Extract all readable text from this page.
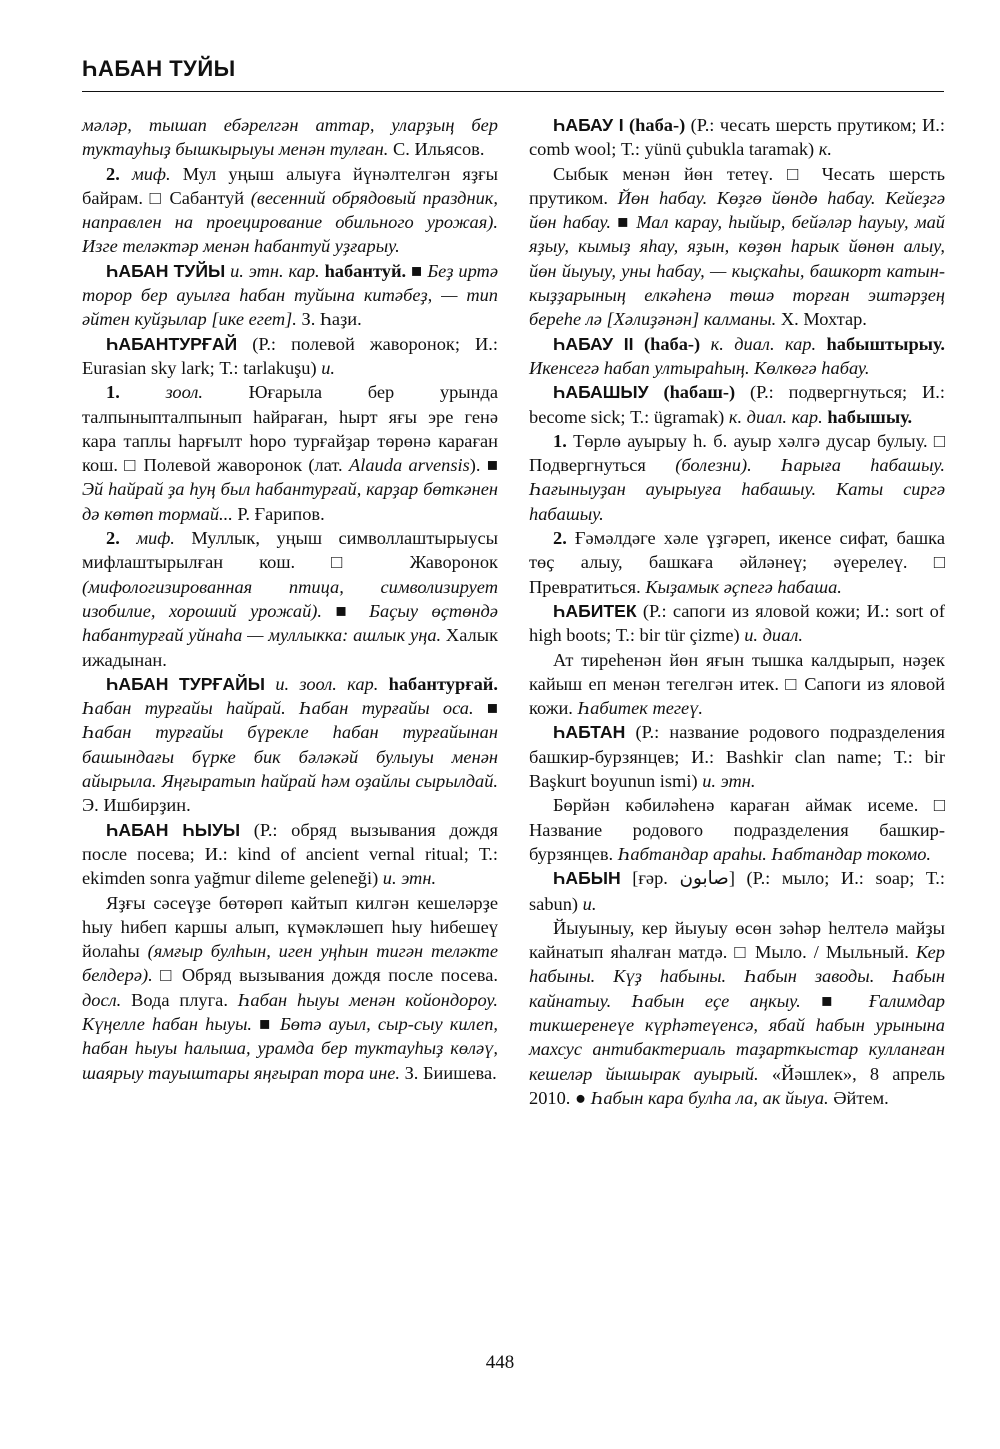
ҺАБАН ТУЙЫ

мәләр, тышап ебәрелгән аттар, уларҙың бер туктауһыҙ бышкырыуы менән тулған. С. Ильясов.

2. миф. Мул уңыш алыуға йүнәлтелгән яҙғы байрам. □ Сабантуй (весенний обрядовый праздник, направлен на проецирование обильного урожая). Изге теләктәр менән һабантуй уҙғарыу.

ҺАБАН ТУЙЫ и. этн. кар. һабантуй. ■ Беҙ иртә торор бер ауылға һабан туйына китәбеҙ, — тип әйтен куйҙылар [ике егет]. З. Һаҙи.

ҺАБАНТУРҒАЙ (Р.: полевой жаворонок; И.: Eurasian sky lark; Т.: tarlakuşu) и.

1. зоол. Юғарыла бер урында талпыныпталпынып һайраған, һырт яғы эре генә кара таплы һарғылт һоро турғайҙар төрөнә караған кош. □ Полевой жаворонок (лат. Alauda arvensis). ■ Эй һайрай ҙа һуң был һабантурғай, карҙар бөткәнен дә көтөп тормай... Р. Ғарипов.

2. миф. Муллык, уңыш символлаштырыусы мифлаштырылған кош. □ Жаворонок (мифологизированная птица, символизирует изобилие, хороший урожай). ■ Баҫыу өҫтөндә һабантурғай уйнаһа — муллыкка: ашлык уңа. Халык ижадынан.

ҺАБАН ТУРҒАЙЫ и. зоол. кар. һабантурғай. Һабан турғайы һайрай. Һабан турғайы оса. ■ Һабан турғайы бүрекле һабан турғайынан башындағы бүрке бик бәләкәй булыуы менән айырыла. Яңғыратып һайрай һәм оҙайлы сырылдай. Э. Ишбирҙин.

ҺАБАН ҺЫУЫ (Р.: обряд вызывания дождя после посева; И.: kind of ancient vernal ritual; Т.: ekimden sonra yağmur dileme geleneği) и. этн.

Яҙғы сәсеүҙе бөтөрөп кайтып килгән кешеләрҙе һыу һибеп каршы алып, күмәкләшеп һыу һибешеү йолаһы (ямғыр булһын, иген уңһын тигән теләкте белдерә). □ Обряд вызывания дождя после посева. досл. Вода плуга. Һабан һыуы менән койондороу. Күңелле һабан һыуы. ■ Бөтә ауыл, сыр-сыу килеп, һабан һыуы һалыша, урамда бер туктауһыҙ көләү, шаярыу тауыштары яңғырап тора ине. З. Биишева.

ҺАБАУ I (һаба-) (Р.: чесать шерсть прутиком; И.: comb wool; Т.: yünü çubukla taramak) к.

Сыбык менән йөн тетеү. □ Чесать шерсть прутиком. Йөн һабау. Көҙгө йөндө һабау. Кейеҙгә йөн һабау. ■ Мал карау, һыйыр, бейәләр һауыу, май яҙыу, кымыҙ яһау, яҙын, көҙөн һарык йөнөн алыу, йөн йыуыу, уны һабау, — кыҫкаһы, башкорт катын-кыҙҙарының елкәһенә төшә торған эштәрҙең береһе лә [Хәлиҙәнән] калманы. Х. Мохтар.

ҺАБАУ II (һаба-) к. диал. кар. һабыштырыу. Икенсегә һабап ултыраһың. Көлкөгә һабау.

ҺАБАШЫУ (һабаш-) (Р.: подвергнуться; И.: become sick; Т.: ügramak) к. диал. кар. һабышыу.

1. Төрлө ауырыу һ. б. ауыр хәлгә дусар булыу. □ Подвергнуться (болезни). Һарыға һабашыу. Һағыныуҙан ауырыуға һабашыу. Каты сиргә һабашыу.

2. Ғәмәлдәге хәле үҙгәреп, икенсе сифат, башка төҫ алыу, башкаға әйләнеү; әүерелеү. □ Превратиться. Кыҙамык әҫпегә һабаша.

ҺАБИТЕК (Р.: сапоги из яловой кожи; И.: sort of high boots; Т.: bir tür çizme) и. диал.

Ат тиреһенән йөн яғын тышка калдырып, нәҙек кайыш еп менән тегелгән итек. □ Сапоги из яловой кожи. Һабитек тегеү.

ҺАБТАН (Р.: название родового подразделения башкир-бурзянцев; И.: Bashkir clan name; Т.: bir Başkurt boyunun ismi) и. этн.

Бөрйән кәбиләһенә караған аймак исеме. □ Название родового подразделения башкир-бурзянцев. Һабтандар араһы. Һабтандар токомо.

ҺАБЫН [ғәр. صابون] (Р.: мыло; И.: soap; Т.: sabun) и.

Йыуыныу, кер йыуыу өсөн зәһәр һелтелә майҙы кайнатып яһалған матдә. □ Мыло. / Мыльный. Кер һабыны. Күҙ һабыны. Һабын заводы. Һабын кайнатыу. Һабын еҫе аңкыу. ■ Ғалимдар тикшеренеүе күрһәтеүенсә, ябай һабын урынына махсус антибактериаль таҙарткыстар кулланған кешеләр йышырак ауырый. «Йәшлек», 8 апрель 2010. ● Һабын кара булһа ла, ак йыуа. Әйтем.

448
